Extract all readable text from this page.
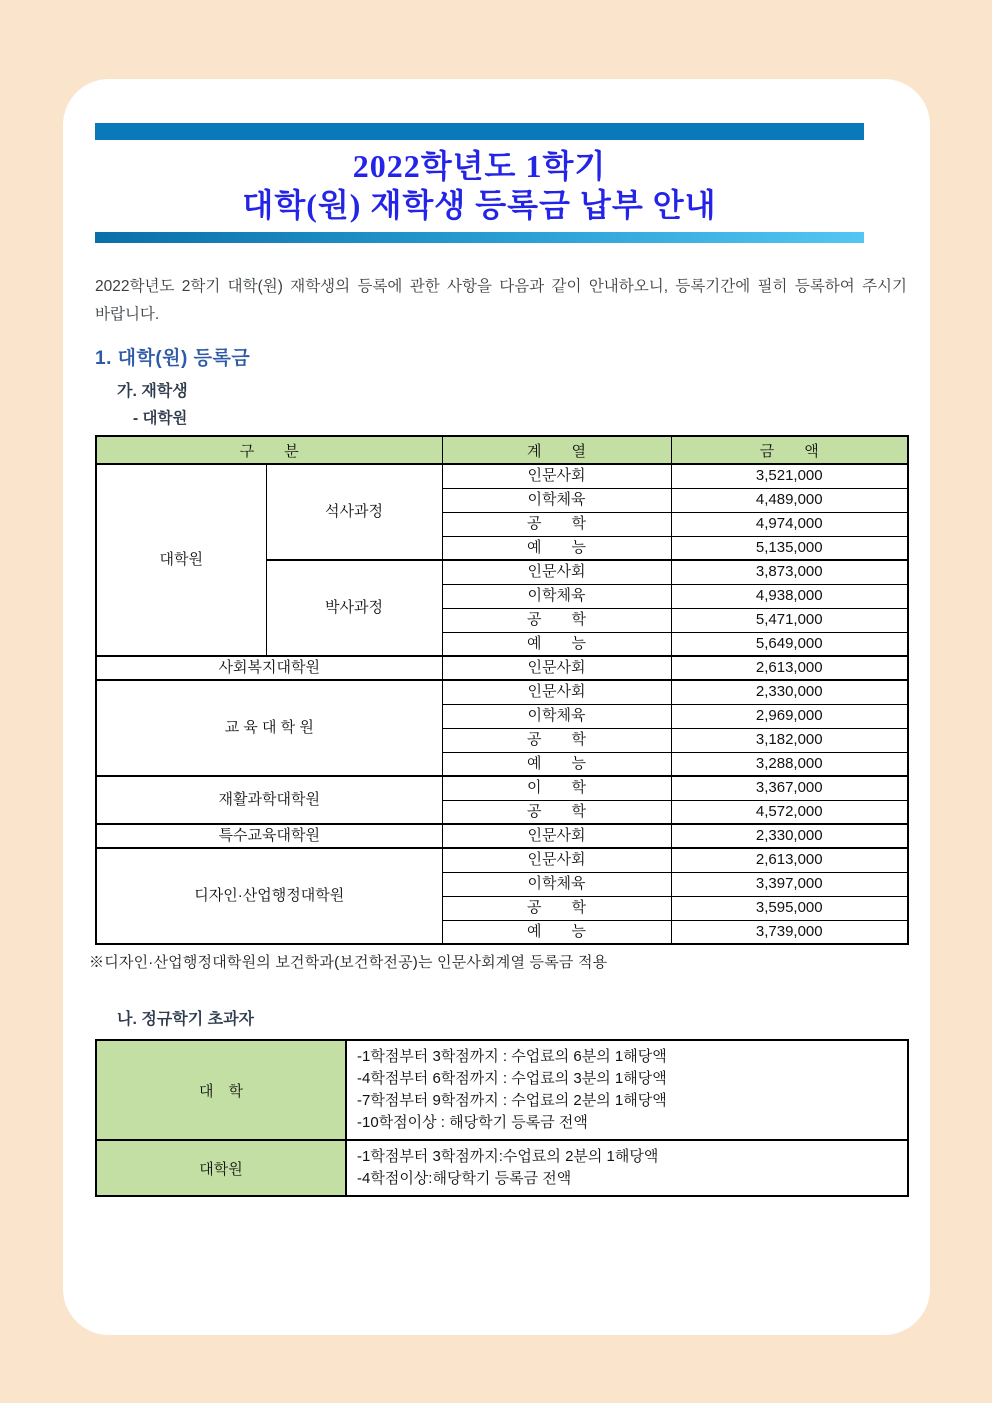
2022학년도 1학기
대학(원) 재학생 등록금 납부 안내

2022학년도 2학기 대학(원) 재학생의 등록에 관한 사항을 다음과 같이 안내하오니, 등록기간에 필히 등록하여 주시기 바랍니다.

1. 대학(원) 등록금
가. 재학생
- 대학원
구　　분		계　　열	금　　액
대학원	석사과정	인문사회	3,521,000
		이학체육	4,489,000
		공　　학	4,974,000
		예　　능	5,135,000
	박사과정	인문사회	3,873,000
		이학체육	4,938,000
		공　　학	5,471,000
		예　　능	5,649,000
사회복지대학원		인문사회	2,613,000
교 육 대 학 원		인문사회	2,330,000
		이학체육	2,969,000
		공　　학	3,182,000
		예　　능	3,288,000
재활과학대학원		이　　학	3,367,000
		공　　학	4,572,000
특수교육대학원		인문사회	2,330,000
디자인·산업행정대학원		인문사회	2,613,000
		이학체육	3,397,000
		공　　학	3,595,000
		예　　능	3,739,000

※디자인·산업행정대학원의 보건학과(보건학전공)는 인문사회계열 등록금 적용

나. 정규학기 초과자
대　학	-1학점부터 3학점까지 : 수업료의 6분의 1해당액
-4학점부터 6학점까지 : 수업료의 3분의 1해당액
-7학점부터 9학점까지 : 수업료의 2분의 1해당액
-10학점이상 : 해당학기 등록금 전액

대학원	-1학점부터 3학점까지:수업료의 2분의 1해당액
-4학점이상:해당학기 등록금 전액
